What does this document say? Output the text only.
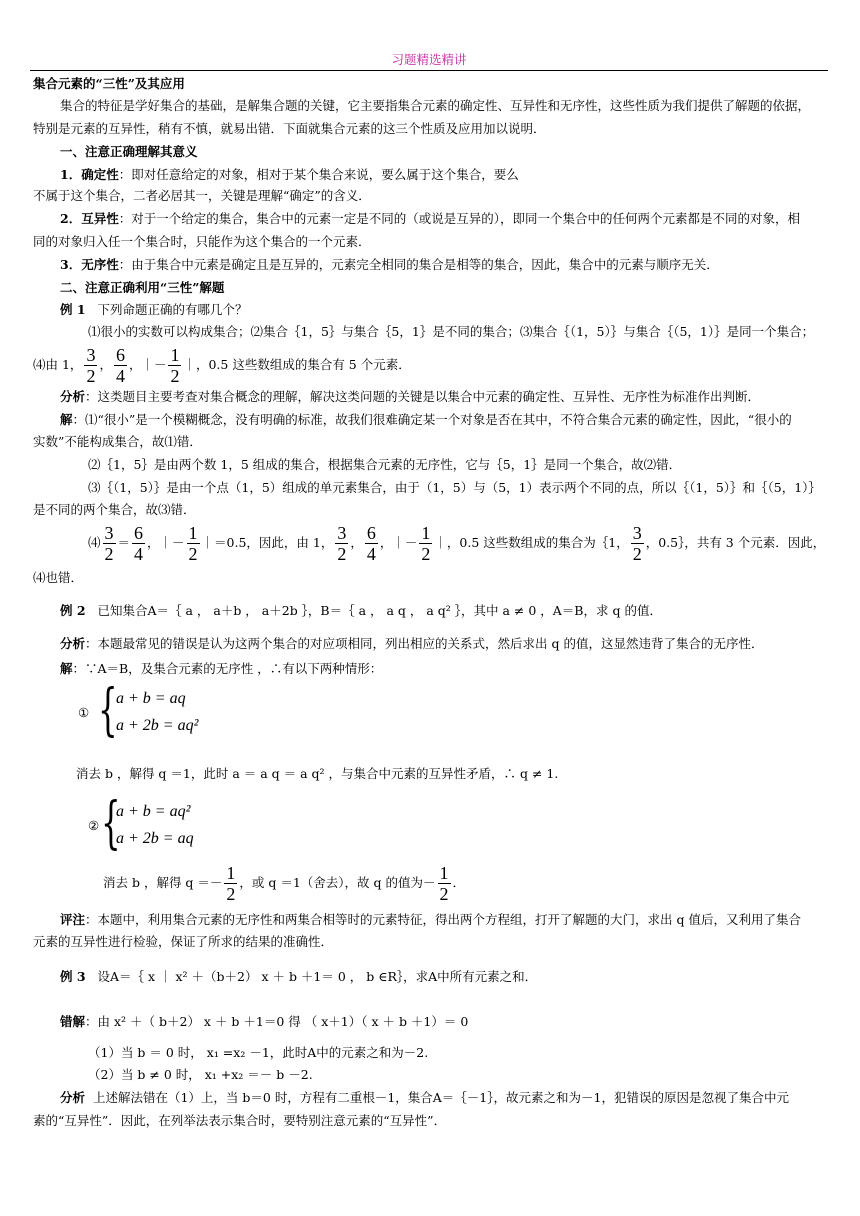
习题精选精讲
集合元素的“三性”及其应用
集合的特征是学好集合的基础，是解集合题的关键，它主要指集合元素的确定性、互异性和无序性，这些性质为我们提供了解题的依据，
特别是元素的互异性，稍有不慎，就易出错．下面就集合元素的这三个性质及应用加以说明．
一、注意正确理解其意义
1．确定性：即对任意给定的对象，相对于某个集合来说，要么属于这个集合，要么
不属于这个集合，二者必居其一，关键是理解“确定”的含义．
2．互异性：对于一个给定的集合，集合中的元素一定是不同的（或说是互异的），即同一个集合中的任何两个元素都是不同的对象，相
同的对象归入任一个集合时，只能作为这个集合的一个元素．
3．无序性：由于集合中元素是确定且是互异的，元素完全相同的集合是相等的集合，因此，集合中的元素与顺序无关．
二、注意正确利用“三性”解题
例 1 下列命题正确的有哪几个？
⑴很小的实数可以构成集合；⑵集合｛1，5｝与集合｛5，1｝是不同的集合；⑶集合｛（1，5）｝与集合｛（5，1）｝是同一个集合；
⑷由 1， $\frac{3}{2}$ ， $\frac{6}{4}$ ，｜－ $\frac{1}{2}$ ｜，0.5 这些数组成的集合有 5 个元素．
分析：这类题目主要考查对集合概念的理解，解决这类问题的关键是以集合中元素的确定性、互异性、无序性为标准作出判断．
解：⑴“很小”是一个模糊概念，没有明确的标准，故我们很难确定某一个对象是否在其中，不符合集合元素的确定性，因此，“很小的
实数”不能构成集合，故⑴错．
⑵｛1，5｝是由两个数 1，5 组成的集合，根据集合元素的无序性，它与｛5，1｝是同一个集合，故⑵错．
⑶｛（1，5）｝是由一个点（1，5）组成的单元素集合，由于（1，5）与（5，1）表示两个不同的点，所以｛（1，5）｝和｛（5，1）｝
是不同的两个集合，故⑶错．
⑷ $\frac{3}{2} = \frac{6}{4}$ ，｜－ $\frac{1}{2}$ ｜＝0.5，因此，由 1， $\frac{3}{2}$ ， $\frac{6}{4}$ ，｜－ $\frac{1}{2}$ ｜，0.5 这些数组成的集合为｛1， $\frac{3}{2}$ ，0.5｝，共有 3 个元素．因此，
⑷也错．
例 2 已知集合A＝｛ a ， a＋b ， a＋2b ｝，B＝｛ a ， a q ， a q² ｝，其中 a ≠ 0 ，A＝B，求 q 的值．
分析：本题最常见的错误是认为这两个集合的对应项相同，列出相应的关系式，然后求出 q 的值，这显然违背了集合的无序性．
解：∵A＝B，及集合元素的无序性 ，∴有以下两种情形：
① {
a + b = aq
a + 2b = aq²
消去 b ，解得 q ＝1，此时 a ＝ a q ＝ a q² ，与集合中元素的互异性矛盾，∴ q ≠ 1.
② {
a + b = aq²
a + 2b = aq
消去 b ，解得 $q =- \frac{1}{2}$ ，或 q ＝1（舍去），故 q 的值为－ $\frac{1}{2}$ ．
评注：本题中，利用集合元素的无序性和两集合相等时的元素特征，得出两个方程组，打开了解题的大门，求出 q 值后，又利用了集合
元素的互异性进行检验，保证了所求的结果的准确性．
例 3 设A＝｛ x ｜ x² ＋（b＋2） x ＋ b ＋1＝ 0 ， b ∈R｝，求A中所有元素之和．
错解：由 x² ＋（ b＋2） x ＋ b ＋1＝0 得 （ x＋1）（ x ＋ b ＋1）＝ 0
（1）当 b ＝ 0 时， x₁ =x₂ －1，此时A中的元素之和为－2.
（2）当 b ≠ 0 时， x₁ +x₂ ＝－ b －2.
分析 上述解法错在（1）上，当 b＝0 时，方程有二重根－1，集合A＝｛－1｝，故元素之和为－1，犯错误的原因是忽视了集合中元
素的“互异性”．因此，在列举法表示集合时，要特别注意元素的“互异性”．
